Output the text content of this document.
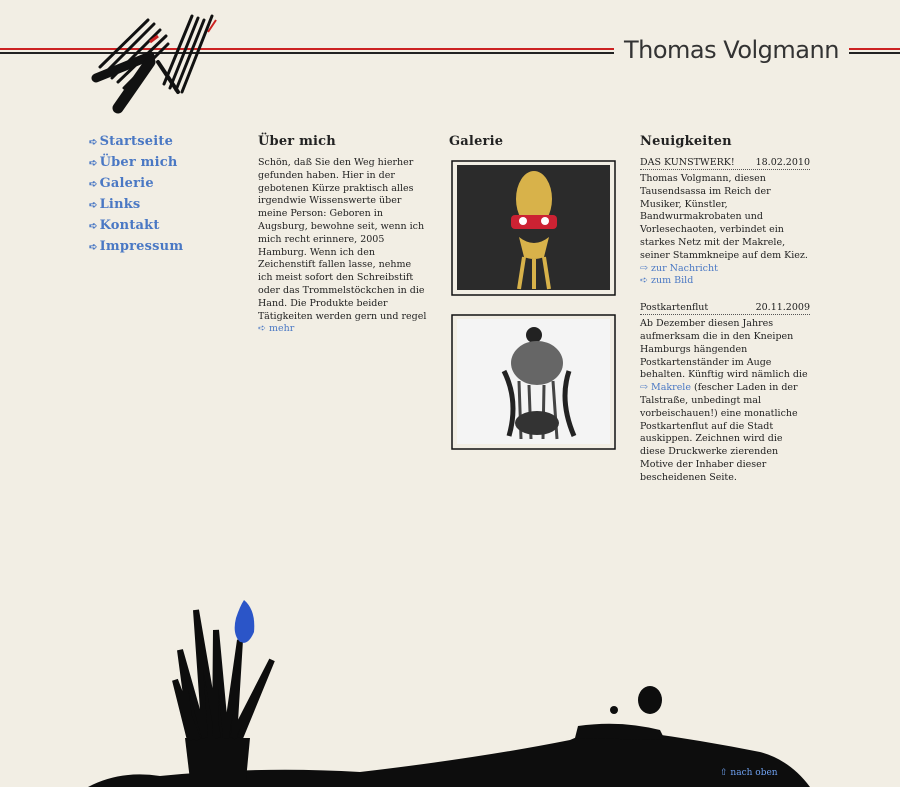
Thomas Volgmann
➪ Startseite
➪ Über mich
➪ Galerie
➪ Links
➪ Kontakt
➪ Impressum
Über mich

Schön, daß Sie den Weg hierher gefunden haben. Hier in der gebotenen Kürze praktisch alles irgendwie Wissenswerte über meine Person: Geboren in Augsburg, bewohne seit, wenn ich mich recht erinnere, 2005 Hamburg. Wenn ich den Zeichenstift fallen lasse, nehme ich meist sofort den Schreibstift oder das Trommelstöckchen in die Hand. Die Produkte beider Tätigkeiten werden gern und regel ➪ mehr

Galerie	Neuigkeiten
DAS KUNSTWERK! 18.02.2010

Thomas Volgmann, diesen Tausendsassa im Reich der Musiker, Künstler, Bandwurmakrobaten und Vorlesechaoten, verbindet ein starkes Netz mit der Makrele, seiner Stammkneipe auf dem Kiez.

⇨ zur Nachricht
➪ zum Bild
Postkartenflut	20.11.2009

Ab Dezember diesen Jahres aufmerksam die in den Kneipen Hamburgs hängenden Postkartenständer im Auge behalten. Künftig wird nämlich die ⇨ Makrele (fescher Laden in der Talstraße, unbedingt mal vorbeischauen!) eine monatliche Postkartenflut auf die Stadt auskippen. Zeichnen wird die diese Druckwerke zierenden Motive der Inhaber dieser bescheidenen Seite.

⇧ nach oben
